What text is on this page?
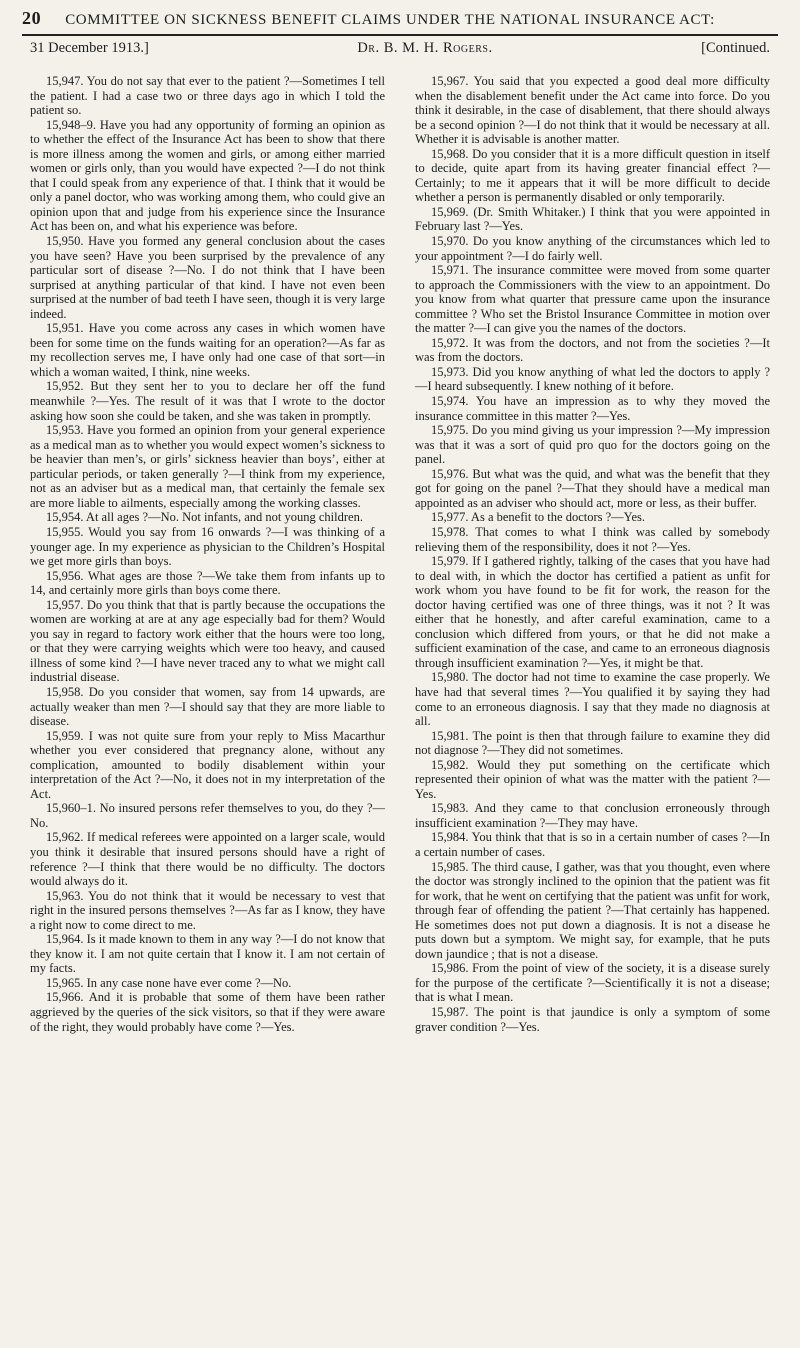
20 COMMITTEE ON SICKNESS BENEFIT CLAIMS UNDER THE NATIONAL INSURANCE ACT:
31 December 1913.]	Dr. B. M. H. Rogers.	[Continued.

15,947. You do not say that ever to the patient ?—Sometimes I tell the patient. I had a case two or three days ago in which I told the patient so.

15,948–9. Have you had any opportunity of forming an opinion as to whether the effect of the Insurance Act has been to show that there is more illness among the women and girls, or among either married women or girls only, than you would have expected ?—I do not think that I could speak from any experience of that. I think that it would be only a panel doctor, who was working among them, who could give an opinion upon that and judge from his experience since the Insurance Act has been on, and what his experience was before.

15,950. Have you formed any general conclusion about the cases you have seen? Have you been surprised by the prevalence of any particular sort of disease ?—No. I do not think that I have been surprised at anything particular of that kind. I have not even been surprised at the number of bad teeth I have seen, though it is very large indeed.

15,951. Have you come across any cases in which women have been for some time on the funds waiting for an operation?—As far as my recollection serves me, I have only had one case of that sort—in which a woman waited, I think, nine weeks.

15,952. But they sent her to you to declare her off the fund meanwhile ?—Yes. The result of it was that I wrote to the doctor asking how soon she could be taken, and she was taken in promptly.

15,953. Have you formed an opinion from your general experience as a medical man as to whether you would expect women’s sickness to be heavier than men’s, or girls’ sickness heavier than boys’, either at particular periods, or taken generally ?—I think from my experience, not as an adviser but as a medical man, that certainly the female sex are more liable to ailments, especially among the working classes.

15,954. At all ages ?—No. Not infants, and not young children.

15,955. Would you say from 16 onwards ?—I was thinking of a younger age. In my experience as physician to the Children’s Hospital we get more girls than boys.

15,956. What ages are those ?—We take them from infants up to 14, and certainly more girls than boys come there.

15,957. Do you think that that is partly because the occupations the women are working at are at any age especially bad for them? Would you say in regard to factory work either that the hours were too long, or that they were carrying weights which were too heavy, and caused illness of some kind ?—I have never traced any to what we might call industrial disease.

15,958. Do you consider that women, say from 14 upwards, are actually weaker than men ?—I should say that they are more liable to disease.

15,959. I was not quite sure from your reply to Miss Macarthur whether you ever considered that pregnancy alone, without any complication, amounted to bodily disablement within your interpretation of the Act ?—No, it does not in my interpretation of the Act.

15,960–1. No insured persons refer themselves to you, do they ?—No.

15,962. If medical referees were appointed on a larger scale, would you think it desirable that insured persons should have a right of reference ?—I think that there would be no difficulty. The doctors would always do it.

15,963. You do not think that it would be necessary to vest that right in the insured persons themselves ?—As far as I know, they have a right now to come direct to me.

15,964. Is it made known to them in any way ?—I do not know that they know it. I am not quite certain that I know it. I am not certain of my facts.

15,965. In any case none have ever come ?—No.

15,966. And it is probable that some of them have been rather aggrieved by the queries of the sick visitors, so that if they were aware of the right, they would probably have come ?—Yes.

15,967. You said that you expected a good deal more difficulty when the disablement benefit under the Act came into force. Do you think it desirable, in the case of disablement, that there should always be a second opinion ?—I do not think that it would be necessary at all. Whether it is advisable is another matter.

15,968. Do you consider that it is a more difficult question in itself to decide, quite apart from its having greater financial effect ?—Certainly; to me it appears that it will be more difficult to decide whether a person is permanently disabled or only temporarily.

15,969. (Dr. Smith Whitaker.) I think that you were appointed in February last ?—Yes.

15,970. Do you know anything of the circumstances which led to your appointment ?—I do fairly well.

15,971. The insurance committee were moved from some quarter to approach the Commissioners with the view to an appointment. Do you know from what quarter that pressure came upon the insurance committee ? Who set the Bristol Insurance Committee in motion over the matter ?—I can give you the names of the doctors.

15,972. It was from the doctors, and not from the societies ?—It was from the doctors.

15,973. Did you know anything of what led the doctors to apply ?—I heard subsequently. I knew nothing of it before.

15,974. You have an impression as to why they moved the insurance committee in this matter ?—Yes.

15,975. Do you mind giving us your impression ?—My impression was that it was a sort of quid pro quo for the doctors going on the panel.

15,976. But what was the quid, and what was the benefit that they got for going on the panel ?—That they should have a medical man appointed as an adviser who should act, more or less, as their buffer.

15,977. As a benefit to the doctors ?—Yes.

15,978. That comes to what I think was called by somebody relieving them of the responsibility, does it not ?—Yes.

15,979. If I gathered rightly, talking of the cases that you have had to deal with, in which the doctor has certified a patient as unfit for work whom you have found to be fit for work, the reason for the doctor having certified was one of three things, was it not ? It was either that he honestly, and after careful examination, came to a conclusion which differed from yours, or that he did not make a sufficient examination of the case, and came to an erroneous diagnosis through insufficient examination ?—Yes, it might be that.

15,980. The doctor had not time to examine the case properly. We have had that several times ?—You qualified it by saying they had come to an erroneous diagnosis. I say that they made no diagnosis at all.

15,981. The point is then that through failure to examine they did not diagnose ?—They did not sometimes.

15,982. Would they put something on the certificate which represented their opinion of what was the matter with the patient ?—Yes.

15,983. And they came to that conclusion erroneously through insufficient examination ?—They may have.

15,984. You think that that is so in a certain number of cases ?—In a certain number of cases.

15,985. The third cause, I gather, was that you thought, even where the doctor was strongly inclined to the opinion that the patient was fit for work, that he went on certifying that the patient was unfit for work, through fear of offending the patient ?—That certainly has happened. He sometimes does not put down a diagnosis. It is not a disease he puts down but a symptom. We might say, for example, that he puts down jaundice ; that is not a disease.

15,986. From the point of view of the society, it is a disease surely for the purpose of the certificate ?—Scientifically it is not a disease; that is what I mean.

15,987. The point is that jaundice is only a symptom of some graver condition ?—Yes.
